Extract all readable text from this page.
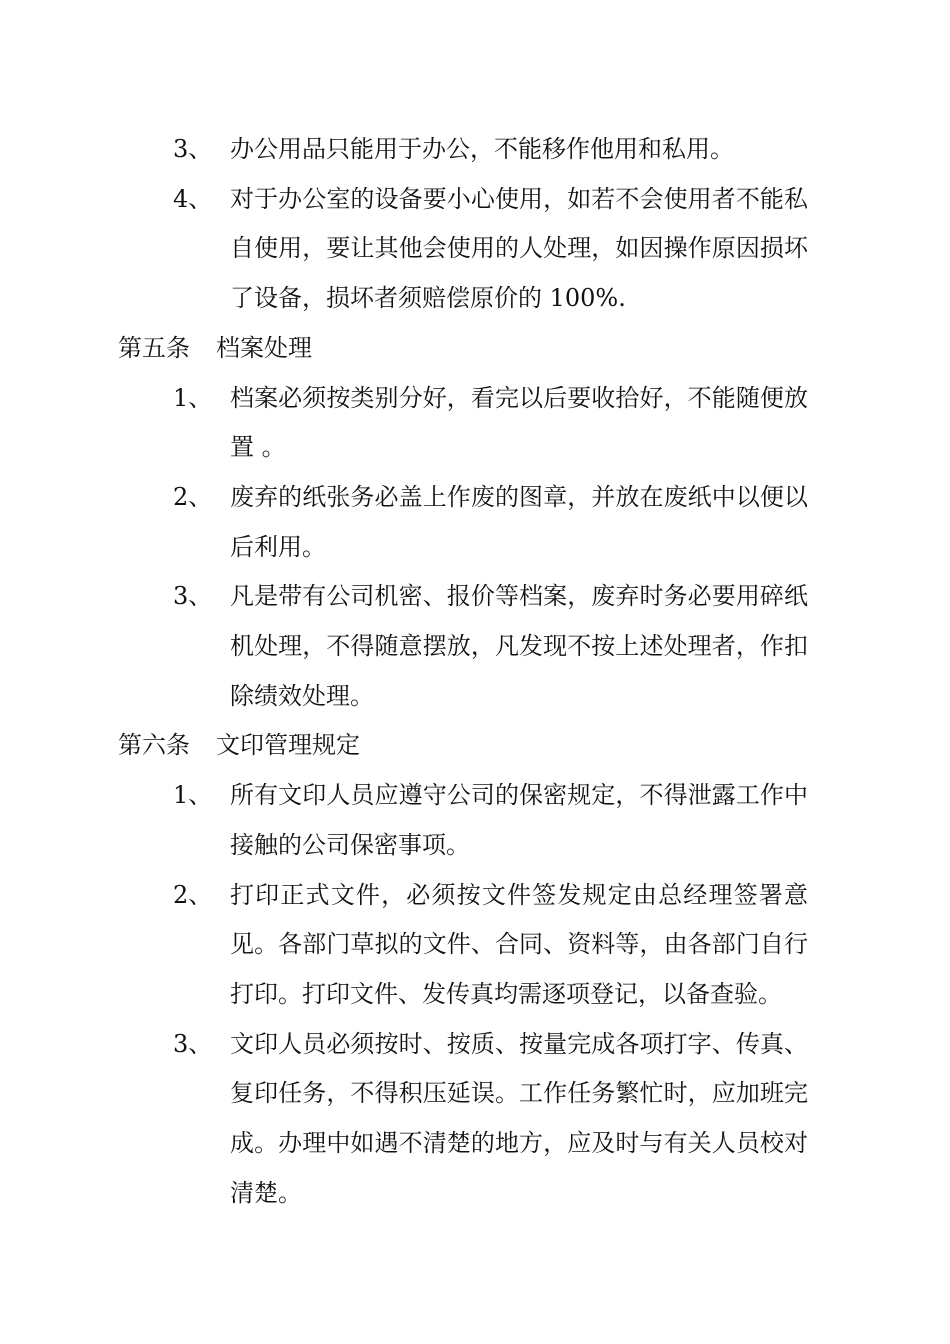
3、 办公用品只能用于办公，不能移作他用和私用。
4、 对于办公室的设备要小心使用，如若不会使用者不能私自使用，要让其他会使用的人处理，如因操作原因损坏了设备，损坏者须赔偿原价的 100%.
第五条 档案处理
1、 档案必须按类别分好，看完以后要收拾好，不能随便放置 。
2、 废弃的纸张务必盖上作废的图章，并放在废纸中以便以后利用。
3、 凡是带有公司机密、报价等档案，废弃时务必要用碎纸机处理，不得随意摆放，凡发现不按上述处理者，作扣除绩效处理。
第六条 文印管理规定
1、 所有文印人员应遵守公司的保密规定，不得泄露工作中接触的公司保密事项。
2、 打印正式文件，必须按文件签发规定由总经理签署意见。各部门草拟的文件、合同、资料等，由各部门自行打印。打印文件、发传真均需逐项登记，以备查验。
3、 文印人员必须按时、按质、按量完成各项打字、传真、复印任务，不得积压延误。工作任务繁忙时，应加班完成。办理中如遇不清楚的地方，应及时与有关人员校对清楚。
